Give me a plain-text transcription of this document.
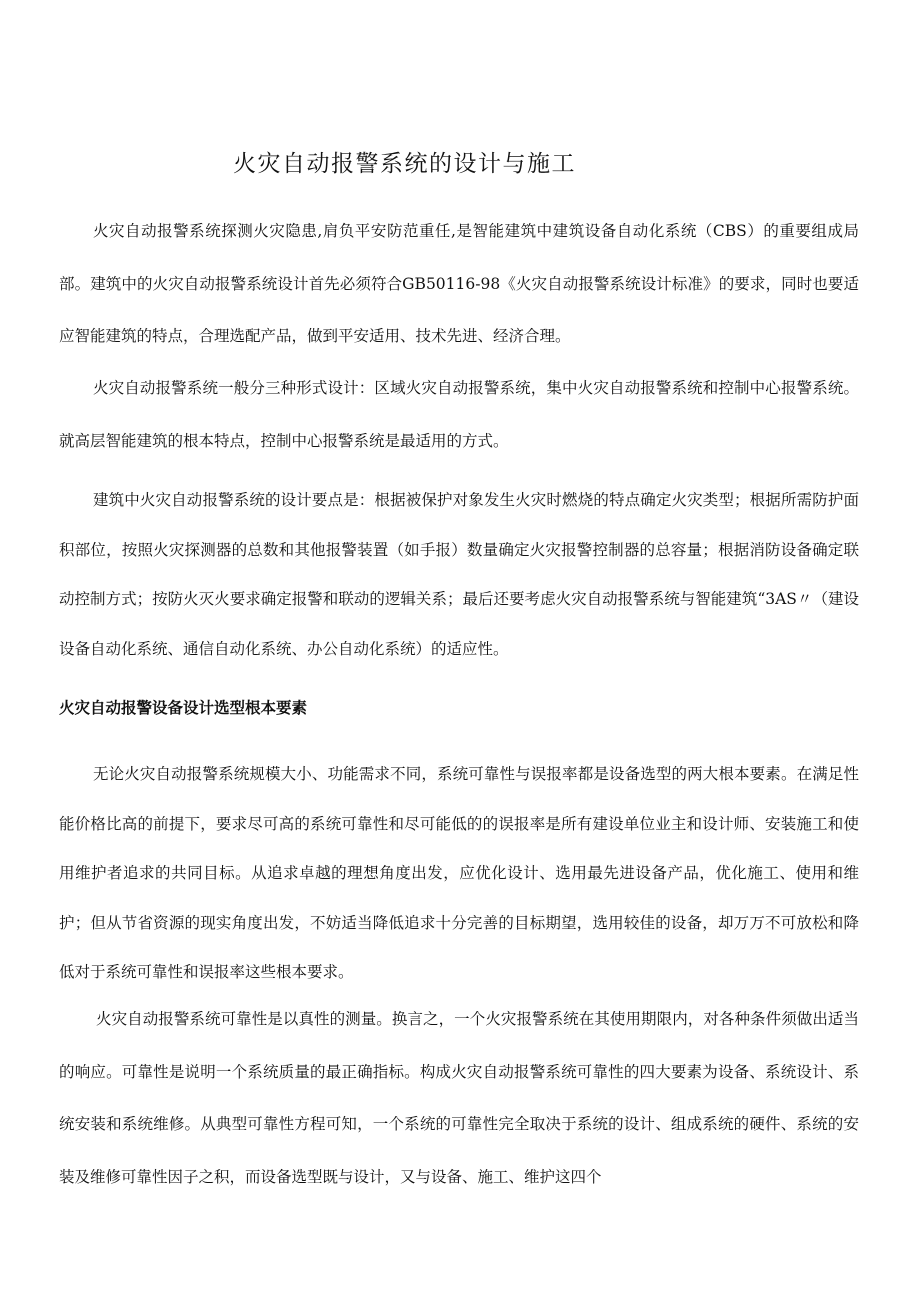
火灾自动报警系统的设计与施工

火灾自动报警系统探测火灾隐患,肩负平安防范重任,是智能建筑中建筑设备自动化系统（CBS）的重要组成局部。建筑中的火灾自动报警系统设计首先必须符合GB50116-98《火灾自动报警系统设计标准》的要求，同时也要适应智能建筑的特点，合理选配产品，做到平安适用、技术先进、经济合理。

火灾自动报警系统一般分三种形式设计：区域火灾自动报警系统，集中火灾自动报警系统和控制中心报警系统。就高层智能建筑的根本特点，控制中心报警系统是最适用的方式。

建筑中火灾自动报警系统的设计要点是：根据被保护对象发生火灾时燃烧的特点确定火灾类型；根据所需防护面积部位，按照火灾探测器的总数和其他报警装置（如手报）数量确定火灾报警控制器的总容量；根据消防设备确定联动控制方式；按防火灭火要求确定报警和联动的逻辑关系；最后还要考虑火灾自动报警系统与智能建筑“3AS〃（建设设备自动化系统、通信自动化系统、办公自动化系统）的适应性。

火灾自动报警设备设计选型根本要素

无论火灾自动报警系统规模大小、功能需求不同，系统可靠性与误报率都是设备选型的两大根本要素。在满足性能价格比高的前提下，要求尽可高的系统可靠性和尽可能低的的误报率是所有建设单位业主和设计师、安装施工和使用维护者追求的共同目标。从追求卓越的理想角度出发，应优化设计、选用最先进设备产品，优化施工、使用和维护；但从节省资源的现实角度出发，不妨适当降低追求十分完善的目标期望，选用较佳的设备，却万万不可放松和降低对于系统可靠性和误报率这些根本要求。

火灾自动报警系统可靠性是以真性的测量。换言之，一个火灾报警系统在其使用期限内，对各种条件须做出适当的响应。可靠性是说明一个系统质量的最正确指标。构成火灾自动报警系统可靠性的四大要素为设备、系统设计、系统安装和系统维修。从典型可靠性方程可知，一个系统的可靠性完全取决于系统的设计、组成系统的硬件、系统的安装及维修可靠性因子之积，而设备选型既与设计，又与设备、施工、维护这四个
